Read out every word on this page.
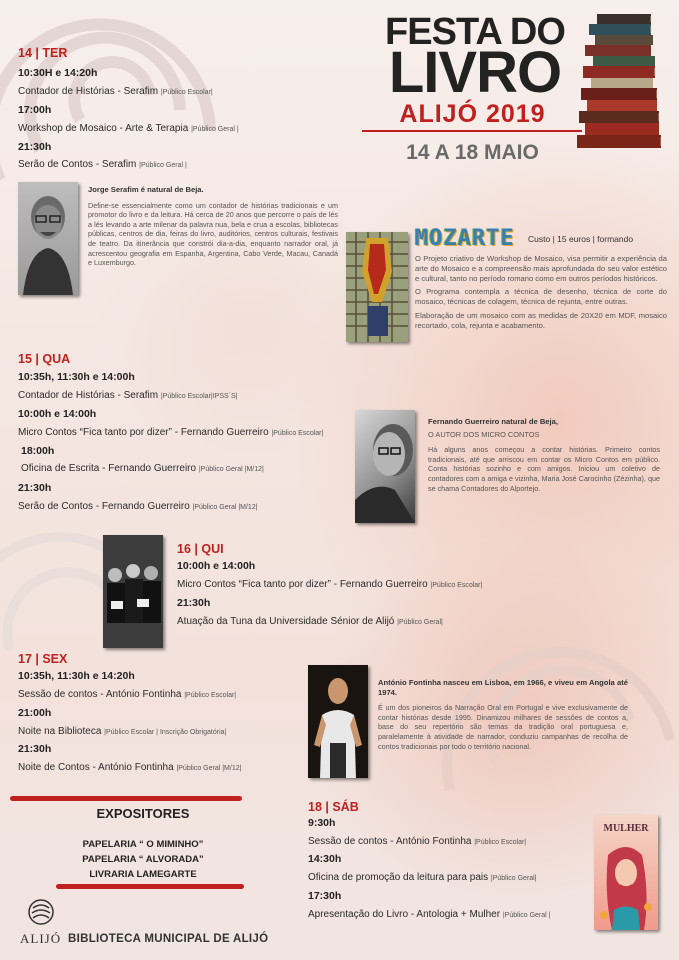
FESTA DO
LIVRO
ALIJÓ 2019
14 A 18 MAIO
14 | TER
10:30H e 14:20h
Contador de Histórias - Serafim |Público Escolar|
17:00h
Workshop de Mosaico - Arte & Terapia |Público Geral |
21:30h
Serão de Contos - Serafim |Público Geral |
Jorge Serafim é natural de Beja.
Define-se essencialmente como um contador de histórias tradicionais e um promotor do livro e da leitura. Há cerca de 20 anos que percorre o país de lés a lés levando a arte milenar da palavra nua, bela e crua a escolas, bibliotecas públicas, centros de dia, feiras do livro, auditórios, centros culturais, festivais de teatro. Da itinerância que constrói dia-a-dia, enquanto narrador oral, já acrescentou geografia em Espanha, Argentina, Cabo Verde, Macau, Canadá e Luxemburgo.
MOZARTE Custo | 15 euros | formando
O Projeto criativo de Workshop de Mosaico, visa permitir a experiência da arte do Mosaico e a compreensão mais aprofundada do seu valor estético e cultural, tanto no período romano como em outros períodos históricos.
O Programa contempla a técnica de desenho, técnica de corte do mosaico, técnicas de colagem, técnica de rejunta, entre outras.
Elaboração de um mosaico com as medidas de 20X20 em MDF, mosaico recortado, cola, rejunta e acabamento.
15 | QUA
10:35h, 11:30h e 14:00h
Contador de Histórias - Serafim |Público Escolar|IPSS´S|
10:00h e 14:00h
Micro Contos “Fica tanto por dizer” - Fernando Guerreiro |Público Escolar|
18:00h
Oficina de Escrita - Fernando Guerreiro |Público Geral |M/12|
21:30h
Serão de Contos - Fernando Guerreiro |Público Geral |M/12|
Fernando Guerreiro natural de Beja,
O AUTOR DOS MICRO CONTOS
Há alguns anos começou a contar histórias. Primeiro contos tradicionais, até que arriscou em contar os Micro Contos em público. Conta histórias sozinho e com amigos. Iniciou um coletivo de contadores com a amiga e vizinha, Maria José Carocinho (Zézinha), que se chama Contadores do Alportejo.
16 | QUI
10:00h e 14:00h
Micro Contos “Fica tanto por dizer” - Fernando Guerreiro |Público Escolar|
21:30h
Atuação da Tuna da Universidade Sénior de Alijó |Público Geral|
17 | SEX
10:35h, 11:30h e 14:20h
Sessão de contos - António Fontinha |Público Escolar|
21:00h
Noite na Biblioteca |Público Escolar | Inscrição Obrigatória|
21:30h
Noite de Contos - António Fontinha |Público Geral |M/12|
António Fontinha nasceu em Lisboa, em 1966, e viveu em Angola até 1974.
É um dos pioneiros da Narração Oral em Portugal e vive exclusivamente de contar histórias desde 1995. Dinamizou milhares de sessões de contos a, base do seu repertório são temas da tradição oral portuguesa e, paralelamente à atividade de narrador, conduziu campanhas de recolha de contos tradicionais por todo o território nacional.
EXPOSITORES
PAPELARIA “ O MIMINHO”
PAPELARIA “ ALVORADA”
LIVRARIA LAMEGARTE
18 | SÁB
9:30h
Sessão de contos - António Fontinha |Público Escolar|
14:30h
Oficina de promoção da leitura para pais |Público Geral|
17:30h
Apresentação do Livro - Antologia + Mulher |Público Geral |
MULHER
ALIJÓ BIBLIOTECA MUNICIPAL DE ALIJÓ
